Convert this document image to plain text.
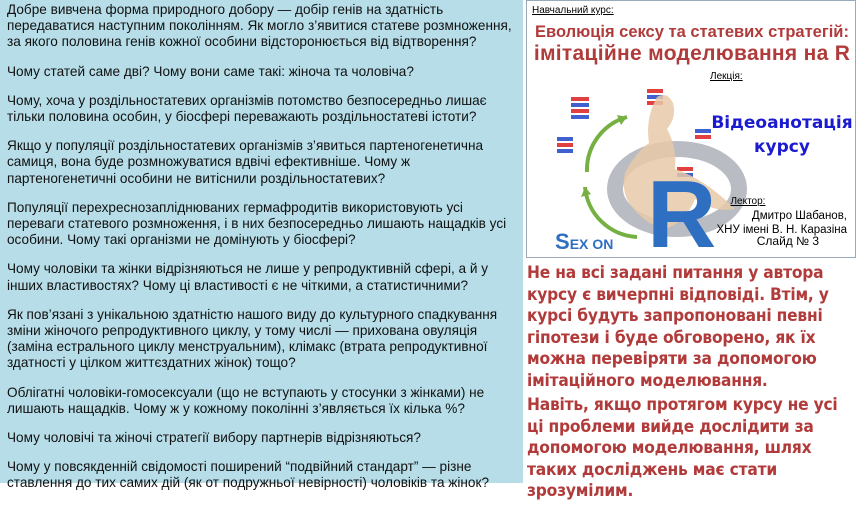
Добре вивчена форма природного добору — добір генів на здатність передаватися наступним поколінням. Як могло з’явитися статеве розмноження, за якого половина генів кожної особини відсторонюється від відтворення?

Чому статей саме дві? Чому вони саме такі: жіноча та чоловіча?

Чому, хоча у роздільностатевих організмів потомство безпосередньо лишає тільки половина особин, у біосфері переважають роздільностатеві істоти?

Якщо у популяції роздільностатевих організмів з’явиться партеногенетична самиця, вона буде розмножуватися вдвічі ефективніше. Чому ж партеногенетичні особини не витіснили роздільностатевих?

Популяції перехреснозапліднюваних гермафродитів використовують усі переваги статевого розмноження, і в них безпосередньо лишають нащадків усі особини. Чому такі організми не домінують у біосфері?

Чому чоловіки та жінки відрізняються не лише у репродуктивній сфері, а й у інших властивостях? Чому ці властивості є не чіткими, а статистичними?

Як пов’язані з унікальною здатністю нашого виду до культурного спадкування зміни жіночого репродуктивного циклу, у тому числі — прихована овуляція (заміна естрального циклу менструальним), клімакс (втрата репродуктивної здатності у цілком життєздатних жінок) тощо?

Облігатні чоловіки-гомосексуали (що не вступають у стосунки з жінками) не лишають нащадків. Чому ж у кожному поколінні з’являється їх кілька %?

Чому чоловічі та жіночі стратегії вибору партнерів відрізняються?

Чому у повсякденній свідомості поширений “подвійний стандарт” — різне ставлення до тих самих дій (як от подружньої невірності) чоловіків та жінок?

Навчальний курс:
Еволюція сексу та статевих стратегій:
імітаційне моделювання на R
Лекція:
R
SEX ON
Відеоанотація
курсу
Лектор:
Дмитро Шабанов,
ХНУ імені В. Н. Каразіна
Слайд № 3
Не на всі задані питання у автора курсу є вичерпні відповіді. Втім, у курсі будуть запропоновані певні гіпотези і буде обговорено, як їх можна перевіряти за допомогою імітаційного моделювання.
Навіть, якщо протягом курсу не усі ці проблеми вийде дослідити за допомогою моделювання, шлях таких досліджень має стати зрозумілим.
